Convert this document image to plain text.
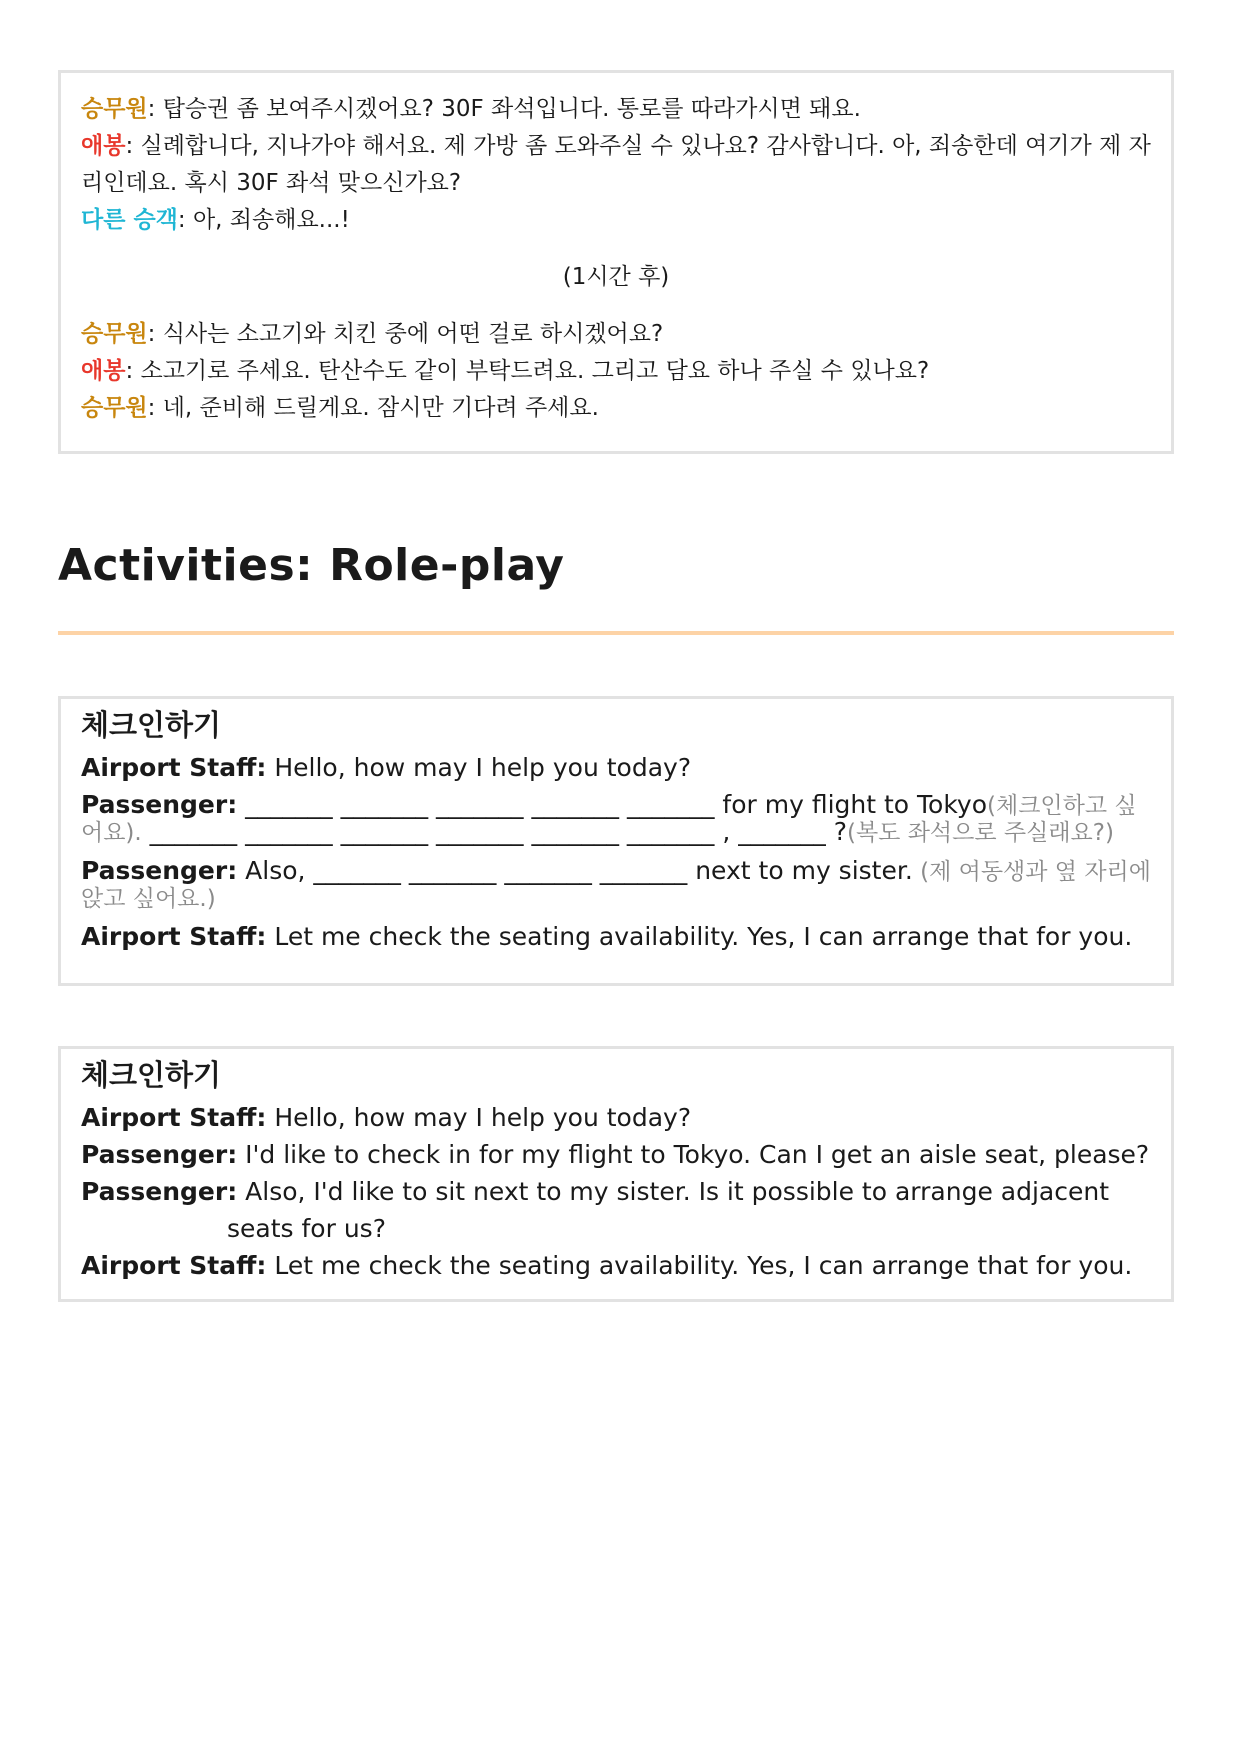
승무원: 탑승권 좀 보여주시겠어요? 30F 좌석입니다. 통로를 따라가시면 돼요.
애봉: 실례합니다, 지나가야 해서요. 제 가방 좀 도와주실 수 있나요? 감사합니다. 아, 죄송한데 여기가 제 자리인데요. 혹시 30F 좌석 맞으신가요?
다른 승객: 아, 죄송해요...!
(1시간 후)
승무원: 식사는 소고기와 치킨 중에 어떤 걸로 하시겠어요?
애봉: 소고기로 주세요. 탄산수도 같이 부탁드려요. 그리고 담요 하나 주실 수 있나요?
승무원: 네, 준비해 드릴게요. 잠시만 기다려 주세요.
Activities: Role-play
체크인하기
Airport Staff: Hello, how may I help you today?
Passenger: _______ _______ _______ _______ _______ for my flight to Tokyo(체크인하고 싶어요). _______ _______ _______ _______ _______ _______ , _______ ?(복도 좌석으로 주실래요?)
Passenger: Also, _______ _______ _______ _______ next to my sister. (제 여동생과 옆 자리에 앉고 싶어요.)
Airport Staff: Let me check the seating availability. Yes, I can arrange that for you.
체크인하기
Airport Staff: Hello, how may I help you today?
Passenger: I'd like to check in for my flight to Tokyo. Can I get an aisle seat, please?
Passenger: Also, I'd like to sit next to my sister. Is it possible to arrange adjacent seats for us?
Airport Staff: Let me check the seating availability. Yes, I can arrange that for you.
